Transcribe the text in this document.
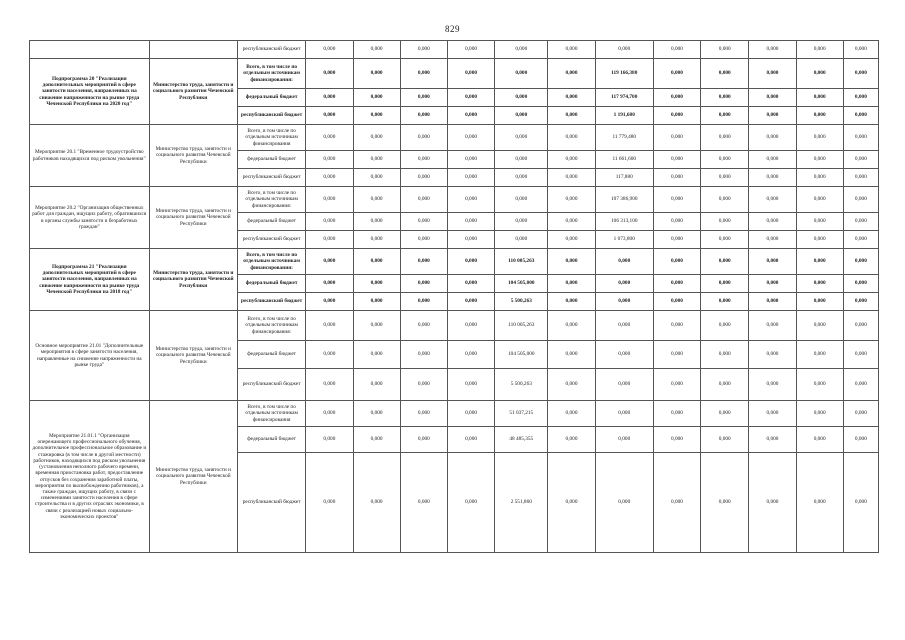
829
		республиканский бюджет	0,000	0,000	0,000	0,000	0,000	0,000	0,000	0,000	0,000	0,000	0,000	0,000
Подпрограмма 20 "Реализация дополнительных мероприятий в сфере занятости населения, направленных на снижение напряженности на рынке труда Чеченской Республики на 2020 год"	Министерство труда, занятости и социального развития Чеченской Республики	Всего, в том числе по отдельным источникам финансирования:	0,000	0,000	0,000	0,000	0,000	0,000	119 166,380	0,000	0,000	0,000	0,000	0,000
		федеральный бюджет	0,000	0,000	0,000	0,000	0,000	0,000	117 974,700	0,000	0,000	0,000	0,000	0,000
		республиканский бюджет	0,000	0,000	0,000	0,000	0,000	0,000	1 191,680	0,000	0,000	0,000	0,000	0,000
Мероприятие 20.1 "Временное трудоустройство работников находящихся под риском увольнения"	Министерство труда, занятости и социального развития Чеченской Республики	Всего, в том числе по отдельным источникам финансирования	0,000	0,000	0,000	0,000	0,000	0,000	11 779,480	0,000	0,000	0,000	0,000	0,000
		федеральный бюджет	0,000	0,000	0,000	0,000	0,000	0,000	11 661,600	0,000	0,000	0,000	0,000	0,000
		республиканский бюджет	0,000	0,000	0,000	0,000	0,000	0,000	117,880	0,000	0,000	0,000	0,000	0,000
Мероприятие 20.2 "Организация общественных работ для граждан, ищущих работу, обратившихся в органы службы занятости и безработных граждан"	Министерство труда, занятости и социального развития Чеченской Республики	Всего, в том числе по отдельным источникам финансирования:	0,000	0,000	0,000	0,000	0,000	0,000	107 386,900	0,000	0,000	0,000	0,000	0,000
		федеральный бюджет	0,000	0,000	0,000	0,000	0,000	0,000	106 313,100	0,000	0,000	0,000	0,000	0,000
		республиканский бюджет	0,000	0,000	0,000	0,000	0,000	0,000	1 073,800	0,000	0,000	0,000	0,000	0,000
Подпрограмма 21 "Реализация дополнительных мероприятий в сфере занятости населения, направленных на снижение напряженности на рынке труда Чеченской Республики на 2018 год"	Министерство труда, занятости и социального развития Чеченской Республики	Всего, в том числе по отдельным источникам финансирования:	0,000	0,000	0,000	0,000	110 005,263	0,000	0,000	0,000	0,000	0,000	0,000	0,000
		федеральный бюджет	0,000	0,000	0,000	0,000	104 505,000	0,000	0,000	0,000	0,000	0,000	0,000	0,000
		республиканский бюджет	0,000	0,000	0,000	0,000	5 500,263	0,000	0,000	0,000	0,000	0,000	0,000	0,000
Основное мероприятие 21.01 "Дополнительные мероприятия в сфере занятости населения, направленные на снижение напряженности на рынке труда"	Министерство труда, занятости и социального развития Чеченской Республики	Всего, в том числе по отдельным источникам финансирования:	0,000	0,000	0,000	0,000	110 005,263	0,000	0,000	0,000	0,000	0,000	0,000	0,000
		федеральный бюджет	0,000	0,000	0,000	0,000	104 505,000	0,000	0,000	0,000	0,000	0,000	0,000	0,000
		республиканский бюджет	0,000	0,000	0,000	0,000	5 500,263	0,000	0,000	0,000	0,000	0,000	0,000	0,000
Мероприятие 21.01.1 "Организация опережающего профессионального обучения, дополнительное профессиональное образование и стажировка (в том числе в другой местности) работников, находящихся под риском увольнения (установления неполного рабочего времени, временная приостановка работ, предоставление отпусков без сохранения заработной платы, мероприятия по высвобождению работников), а также граждан, ищущих работу, в связи с изменениями занятости населения в сфере строительства и в других отраслях экономики, в связи с реализацией новых социально-экономических проектов"	Министерство труда, занятости и социального развития Чеченской Республики	Всего, в том числе по отдельным источникам финансирования	0,000	0,000	0,000	0,000	51 037,215	0,000	0,000	0,000	0,000	0,000	0,000	0,000
		федеральный бюджет	0,000	0,000	0,000	0,000	48 485,355	0,000	0,000	0,000	0,000	0,000	0,000	0,000
		республиканский бюджет	0,000	0,000	0,000	0,000	2 551,860	0,000	0,000	0,000	0,000	0,000	0,000	0,000
